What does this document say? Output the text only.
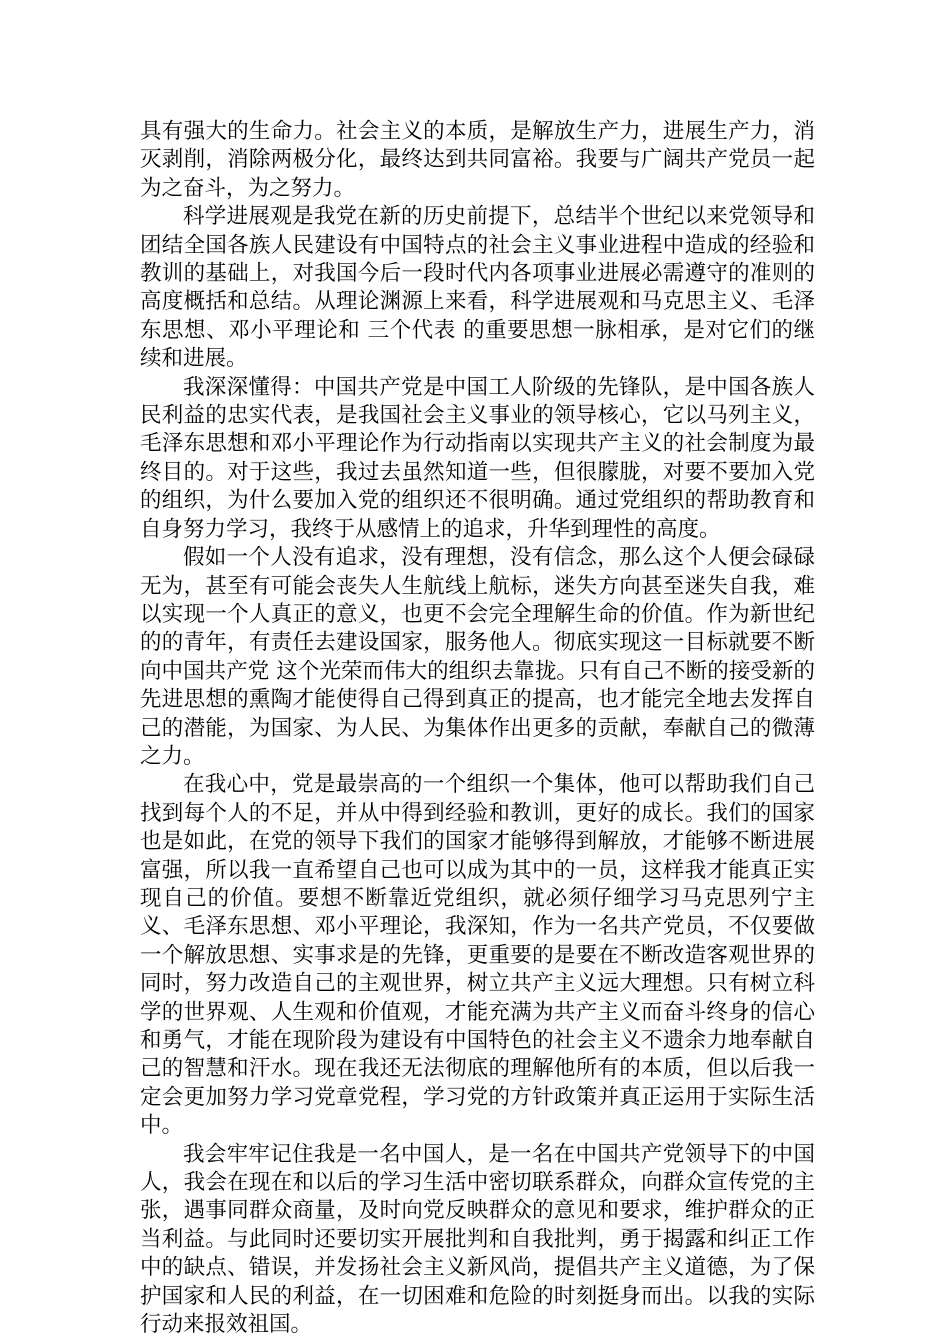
具有强大的生命力。社会主义的本质，是解放生产力，进展生产力，消灭剥削，消除两极分化，最终达到共同富裕。我要与广阔共产党员一起为之奋斗，为之努力。

科学进展观是我党在新的历史前提下，总结半个世纪以来党领导和团结全国各族人民建设有中国特点的社会主义事业进程中造成的经验和教训的基础上，对我国今后一段时代内各项事业进展必需遵守的准则的高度概括和总结。从理论渊源上来看，科学进展观和马克思主义、毛泽东思想、邓小平理论和 三个代表 的重要思想一脉相承，是对它们的继续和进展。

我深深懂得：中国共产党是中国工人阶级的先锋队，是中国各族人民利益的忠实代表，是我国社会主义事业的领导核心，它以马列主义，毛泽东思想和邓小平理论作为行动指南以实现共产主义的社会制度为最终目的。对于这些，我过去虽然知道一些，但很朦胧，对要不要加入党的组织，为什么要加入党的组织还不很明确。通过党组织的帮助教育和自身努力学习，我终于从感情上的追求，升华到理性的高度。

假如一个人没有追求，没有理想，没有信念，那么这个人便会碌碌无为，甚至有可能会丧失人生航线上航标，迷失方向甚至迷失自我，难以实现一个人真正的意义，也更不会完全理解生命的价值。作为新世纪的的青年，有责任去建设国家，服务他人。彻底实现这一目标就要不断向中国共产党 这个光荣而伟大的组织去靠拢。只有自己不断的接受新的先进思想的熏陶才能使得自己得到真正的提高，也才能完全地去发挥自己的潜能，为国家、为人民、为集体作出更多的贡献，奉献自己的微薄之力。

在我心中，党是最崇高的一个组织一个集体，他可以帮助我们自己找到每个人的不足，并从中得到经验和教训，更好的成长。我们的国家也是如此，在党的领导下我们的国家才能够得到解放，才能够不断进展富强，所以我一直希望自己也可以成为其中的一员，这样我才能真正实现自己的价值。要想不断靠近党组织，就必须仔细学习马克思列宁主义、毛泽东思想、邓小平理论，我深知，作为一名共产党员，不仅要做一个解放思想、实事求是的先锋，更重要的是要在不断改造客观世界的同时，努力改造自己的主观世界，树立共产主义远大理想。只有树立科学的世界观、人生观和价值观，才能充满为共产主义而奋斗终身的信心和勇气，才能在现阶段为建设有中国特色的社会主义不遗余力地奉献自己的智慧和汗水。现在我还无法彻底的理解他所有的本质，但以后我一定会更加努力学习党章党程，学习党的方针政策并真正运用于实际生活中。

我会牢牢记住我是一名中国人，是一名在中国共产党领导下的中国人，我会在现在和以后的学习生活中密切联系群众，向群众宣传党的主张，遇事同群众商量，及时向党反映群众的意见和要求，维护群众的正当利益。与此同时还要切实开展批判和自我批判，勇于揭露和纠正工作中的缺点、错误，并发扬社会主义新风尚，提倡共产主义道德，为了保护国家和人民的利益，在一切困难和危险的时刻挺身而出。以我的实际行动来报效祖国。
